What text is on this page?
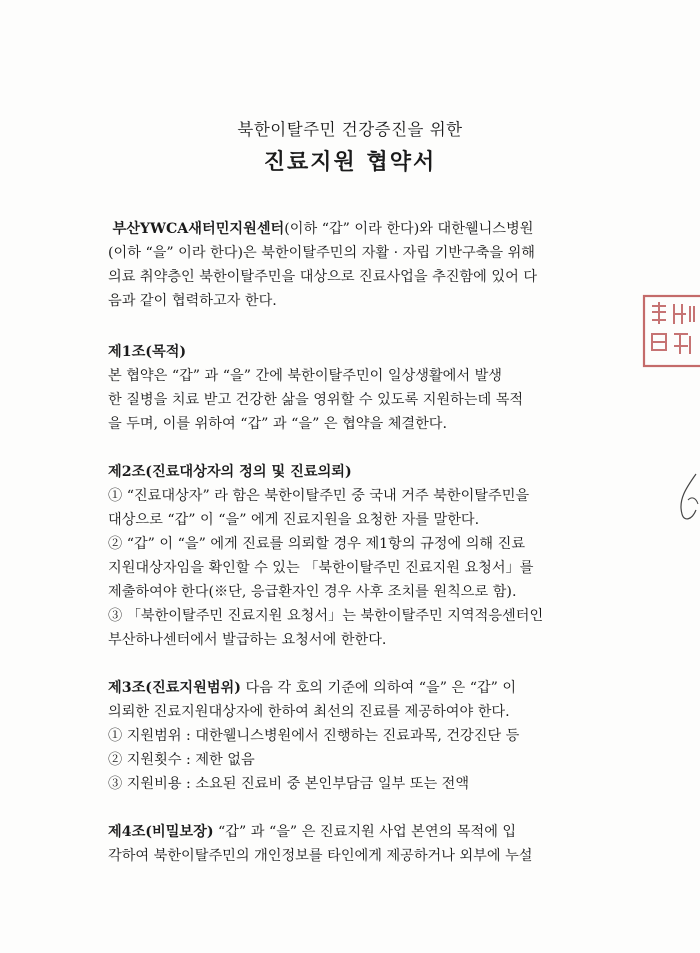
북한이탈주민 건강증진을 위한
진료지원 협약서
부산YWCA새터민지원센터(이하 “갑” 이라 한다)와 대한웰니스병원
(이하 “을” 이라 한다)은 북한이탈주민의 자활 · 자립 기반구축을 위해
의료 취약층인 북한이탈주민을 대상으로 진료사업을 추진함에 있어 다
음과 같이 협력하고자 한다.
제1조(목적)
본 협약은 “갑” 과 “을” 간에 북한이탈주민이 일상생활에서 발생
한 질병을 치료 받고 건강한 삶을 영위할 수 있도록 지원하는데 목적
을 두며, 이를 위하여 “갑” 과 “을” 은 협약을 체결한다.
제2조(진료대상자의 정의 및 진료의뢰)
① “진료대상자” 라 함은 북한이탈주민 중 국내 거주 북한이탈주민을
대상으로 “갑” 이 “을” 에게 진료지원을 요청한 자를 말한다.
② “갑” 이 “을” 에게 진료를 의뢰할 경우 제1항의 규정에 의해 진료
지원대상자임을 확인할 수 있는 「북한이탈주민 진료지원 요청서」를
제출하여야 한다(※단, 응급환자인 경우 사후 조치를 원칙으로 함).
③ 「북한이탈주민 진료지원 요청서」는 북한이탈주민 지역적응센터인
부산하나센터에서 발급하는 요청서에 한한다.
제3조(진료지원범위) 다음 각 호의 기준에 의하여 “을” 은 “갑” 이
의뢰한 진료지원대상자에 한하여 최선의 진료를 제공하여야 한다.
① 지원범위 : 대한웰니스병원에서 진행하는 진료과목, 건강진단 등
② 지원횟수 : 제한 없음
③ 지원비용 : 소요된 진료비 중 본인부담금 일부 또는 전액
제4조(비밀보장) “갑” 과 “을” 은 진료지원 사업 본연의 목적에 입
각하여 북한이탈주민의 개인정보를 타인에게 제공하거나 외부에 누설
